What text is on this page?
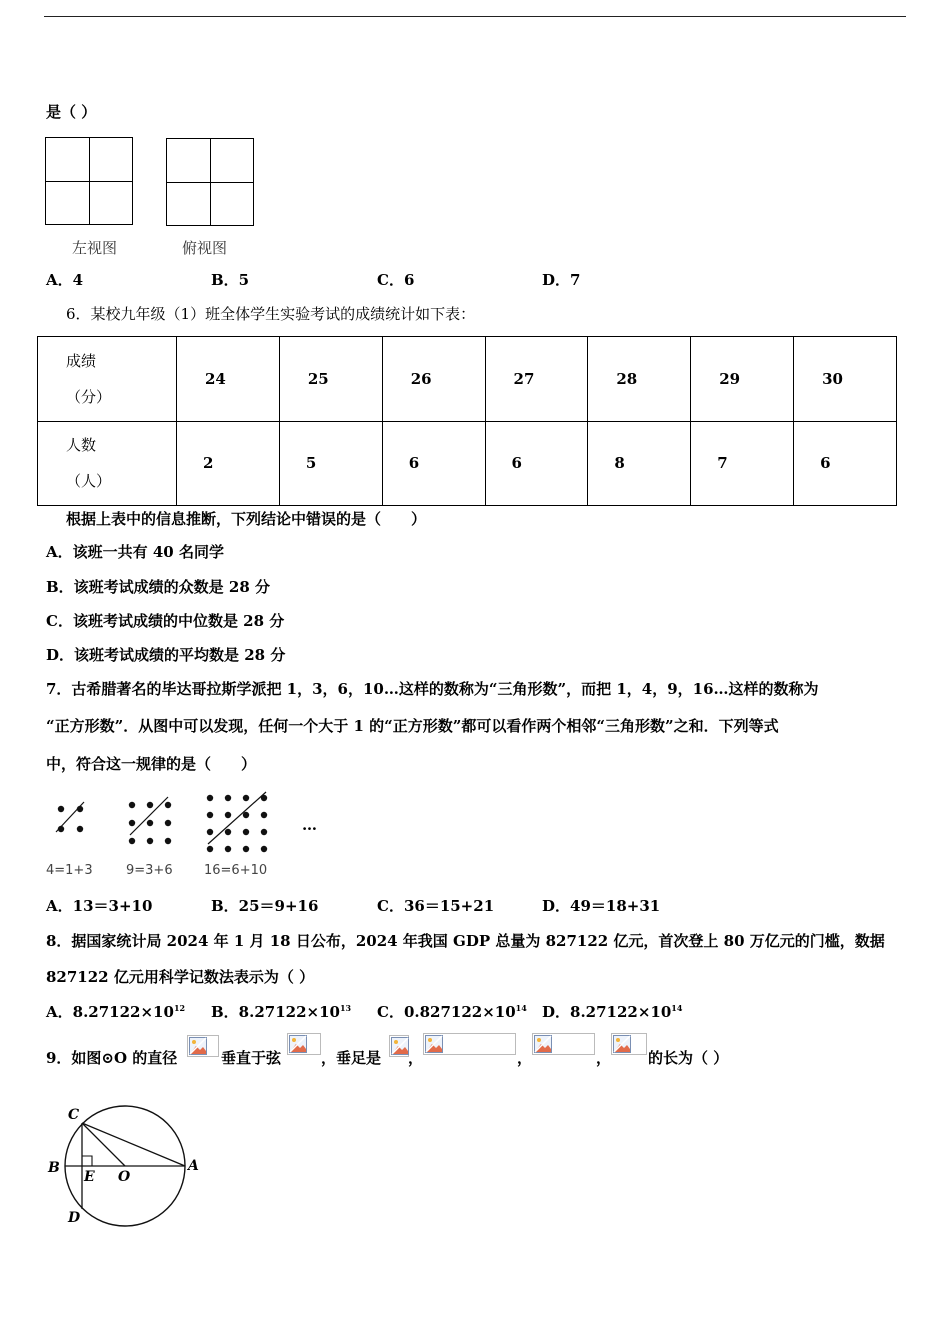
是（ ）
左视图	俯视图
A．4	B．5	C．6	D．7
6．某校九年级（1）班全体学生实验考试的成绩统计如下表：
成绩
（分）	24	25	26	27	28	29	30

人数
（人）	2	5	6	6	8	7	6
根据上表中的信息推断，下列结论中错误的是（　　）
A．该班一共有 40 名同学
B．该班考试成绩的众数是 28 分
C．该班考试成绩的中位数是 28 分
D．该班考试成绩的平均数是 28 分
7．古希腊著名的毕达哥拉斯学派把 1，3，6，10…这样的数称为“三角形数”，而把 1，4，9，16…这样的数称为
“正方形数”．从图中可以发现，任何一个大于 1 的“正方形数”都可以看作两个相邻“三角形数”之和．下列等式
中，符合这一规律的是（　　）
…
4=1+3	9=3+6 16=6+10
A．13＝3+10	B．25＝9+16	C．36＝15+21	D．49＝18+31
8．据国家统计局 2024 年 1 月 18 日公布，2024 年我国 GDP 总量为 827122 亿元，首次登上 80 万亿元的门槛，数据
827122 亿元用科学记数法表示为（ ）
A．$8.27122\times 10^{12}$ B．$8.27122\times 10^{13}$ C．$0.827122\times 10^{14}$ D．$8.27122\times 10^{14}$
9．如图⊙O 的直径	垂直于弦	，垂足是 ，	，	， 的长为（ ）
C
B
E O
A
D
